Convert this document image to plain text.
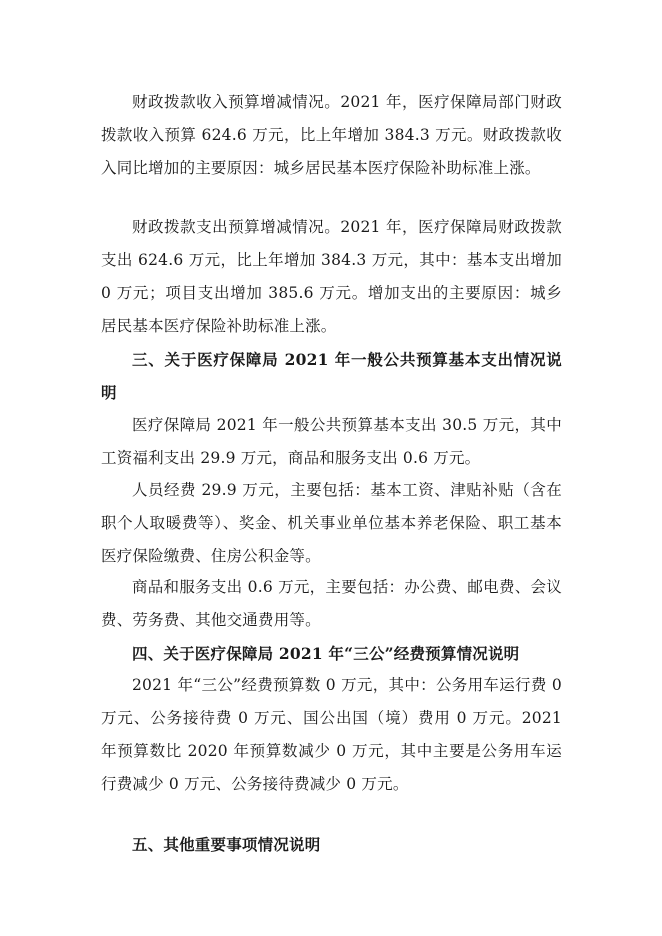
财政拨款收入预算增减情况。2021 年，医疗保障局部门财政拨款收入预算 624.6 万元，比上年增加 384.3 万元。财政拨款收入同比增加的主要原因：城乡居民基本医疗保险补助标准上涨。

财政拨款支出预算增减情况。2021 年，医疗保障局财政拨款支出 624.6 万元，比上年增加 384.3 万元，其中：基本支出增加 0 万元；项目支出增加 385.6 万元。增加支出的主要原因：城乡居民基本医疗保险补助标准上涨。

三、关于医疗保障局 2021 年一般公共预算基本支出情况说明

医疗保障局 2021 年一般公共预算基本支出 30.5 万元，其中工资福利支出 29.9 万元，商品和服务支出 0.6 万元。

人员经费 29.9 万元，主要包括：基本工资、津贴补贴（含在职个人取暖费等）、奖金、机关事业单位基本养老保险、职工基本医疗保险缴费、住房公积金等。

商品和服务支出 0.6 万元，主要包括：办公费、邮电费、会议费、劳务费、其他交通费用等。

四、关于医疗保障局 2021 年“三公”经费预算情况说明

2021 年“三公”经费预算数 0 万元，其中：公务用车运行费 0 万元、公务接待费 0 万元、国公出国（境）费用 0 万元。2021 年预算数比 2020 年预算数减少 0 万元，其中主要是公务用车运行费减少 0 万元、公务接待费减少 0 万元。

五、其他重要事项情况说明
